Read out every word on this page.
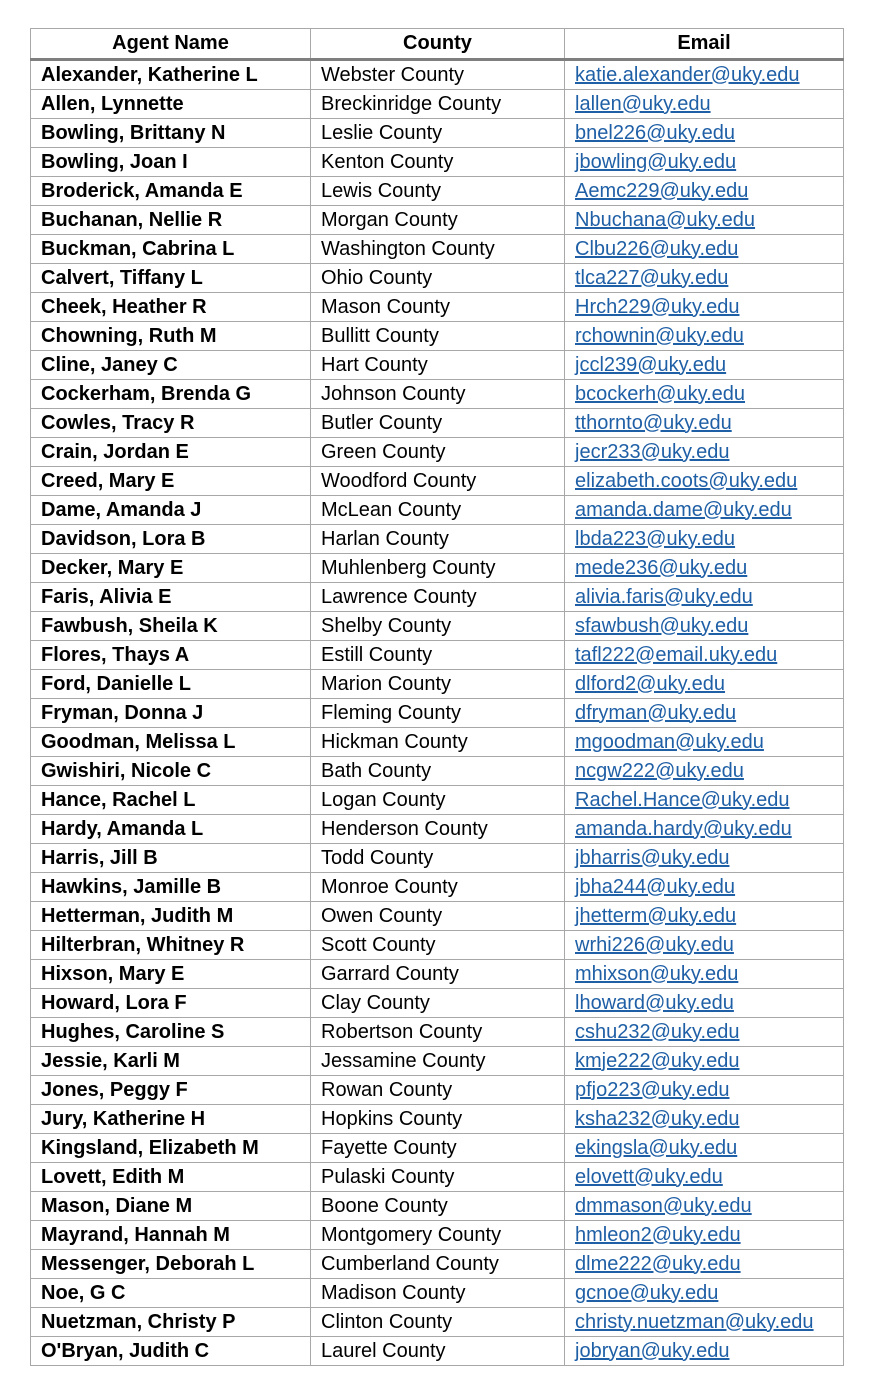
Agent Name	County	Email
Alexander, Katherine L	Webster County	katie.alexander@uky.edu
Allen, Lynnette	Breckinridge County	lallen@uky.edu
Bowling, Brittany N	Leslie County	bnel226@uky.edu
Bowling, Joan I	Kenton County	jbowling@uky.edu
Broderick, Amanda E	Lewis County	Aemc229@uky.edu
Buchanan, Nellie R	Morgan County	Nbuchana@uky.edu
Buckman, Cabrina L	Washington County	Clbu226@uky.edu
Calvert, Tiffany L	Ohio County	tlca227@uky.edu
Cheek, Heather R	Mason County	Hrch229@uky.edu
Chowning, Ruth M	Bullitt County	rchownin@uky.edu
Cline, Janey C	Hart County	jccl239@uky.edu
Cockerham, Brenda G	Johnson County	bcockerh@uky.edu
Cowles, Tracy R	Butler County	tthornto@uky.edu
Crain, Jordan E	Green County	jecr233@uky.edu
Creed, Mary E	Woodford County	elizabeth.coots@uky.edu
Dame, Amanda J	McLean County	amanda.dame@uky.edu
Davidson, Lora B	Harlan County	lbda223@uky.edu
Decker, Mary E	Muhlenberg County	mede236@uky.edu
Faris, Alivia E	Lawrence County	alivia.faris@uky.edu
Fawbush, Sheila K	Shelby County	sfawbush@uky.edu
Flores, Thays A	Estill County	tafl222@email.uky.edu
Ford, Danielle L	Marion County	dlford2@uky.edu
Fryman, Donna J	Fleming County	dfryman@uky.edu
Goodman, Melissa L	Hickman County	mgoodman@uky.edu
Gwishiri, Nicole C	Bath County	ncgw222@uky.edu
Hance, Rachel L	Logan County	Rachel.Hance@uky.edu
Hardy, Amanda L	Henderson County	amanda.hardy@uky.edu
Harris, Jill B	Todd County	jbharris@uky.edu
Hawkins, Jamille B	Monroe County	jbha244@uky.edu
Hetterman, Judith M	Owen County	jhetterm@uky.edu
Hilterbran, Whitney R	Scott County	wrhi226@uky.edu
Hixson, Mary E	Garrard County	mhixson@uky.edu
Howard, Lora F	Clay County	lhoward@uky.edu
Hughes, Caroline S	Robertson County	cshu232@uky.edu
Jessie, Karli M	Jessamine County	kmje222@uky.edu
Jones, Peggy F	Rowan County	pfjo223@uky.edu
Jury, Katherine H	Hopkins County	ksha232@uky.edu
Kingsland, Elizabeth M	Fayette County	ekingsla@uky.edu
Lovett, Edith M	Pulaski County	elovett@uky.edu
Mason, Diane M	Boone County	dmmason@uky.edu
Mayrand, Hannah M	Montgomery County	hmleon2@uky.edu
Messenger, Deborah L	Cumberland County	dlme222@uky.edu
Noe, G C	Madison County	gcnoe@uky.edu
Nuetzman, Christy P	Clinton County	christy.nuetzman@uky.edu
O'Bryan, Judith C	Laurel County	jobryan@uky.edu
